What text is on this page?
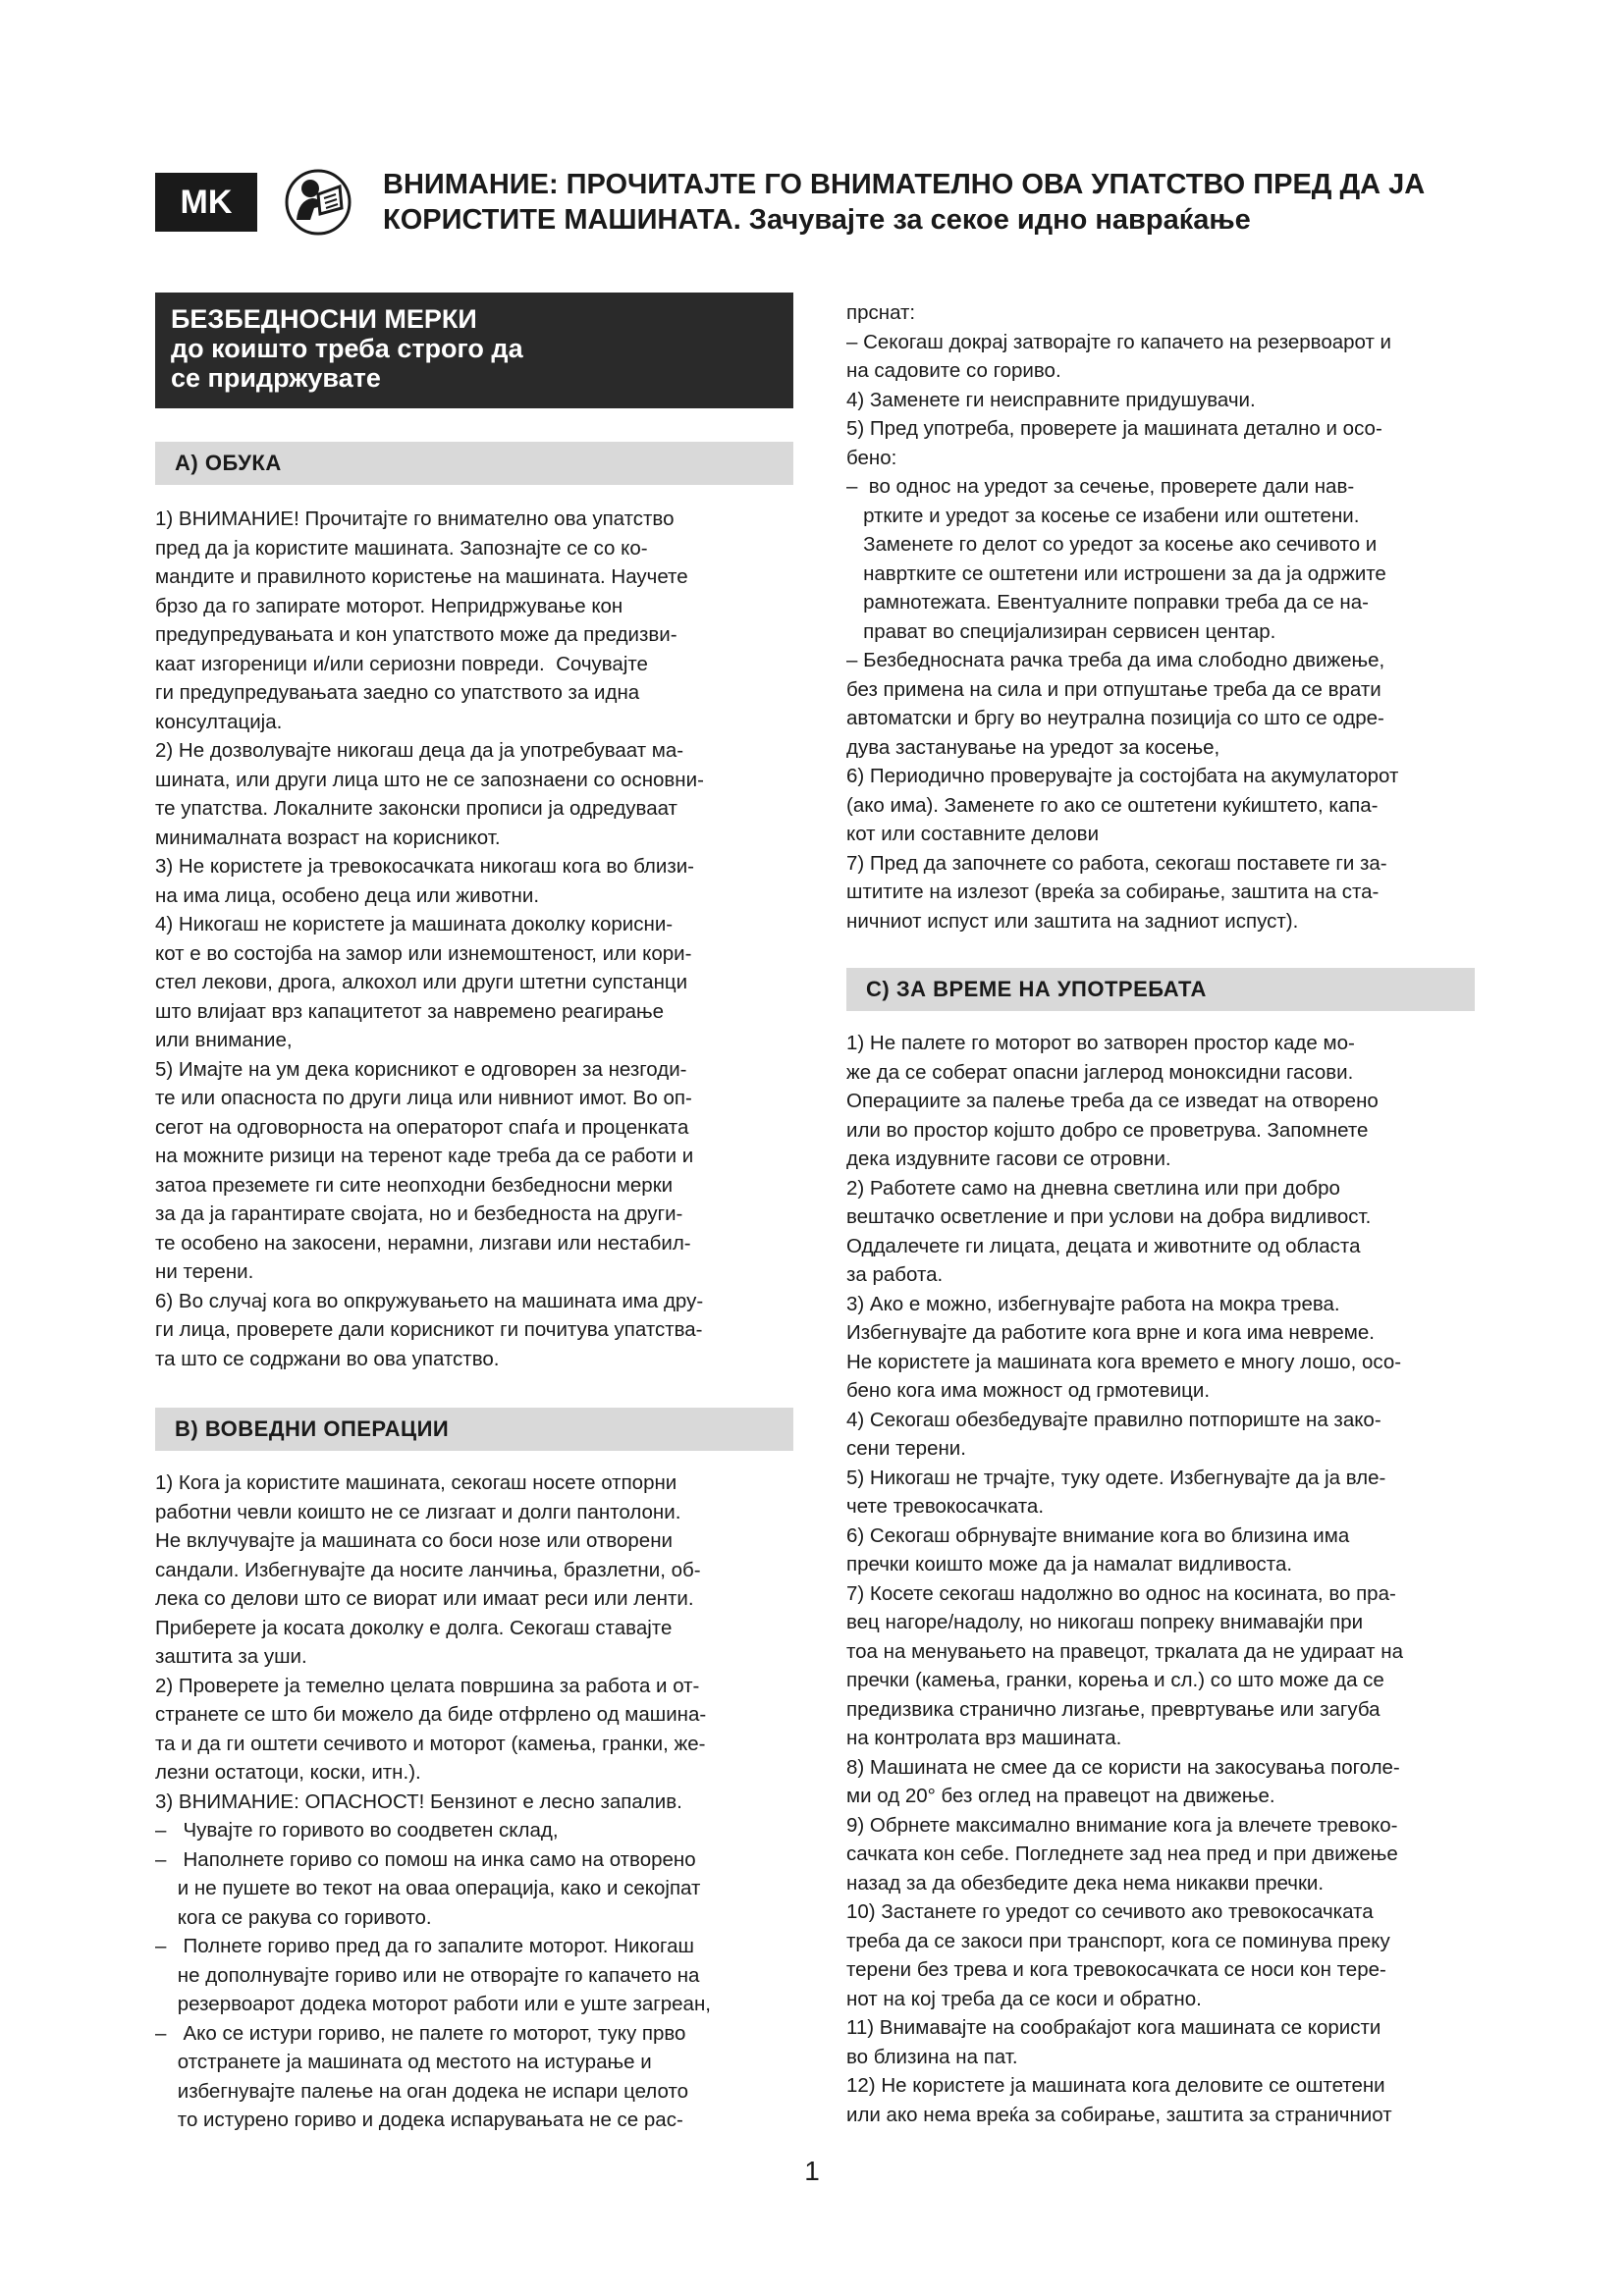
MK	ВНИМАНИЕ: ПРОЧИТАЈТЕ ГО ВНИМАТЕЛНО ОВА УПАТСТВО ПРЕД ДА ЈА
КОРИСТИТЕ МАШИНАТА. Зачувајте за секое идно навраќање
БЕЗБЕДНОСНИ МЕРКИ
до коишто треба строго да
се придржувате
А) ОБУКА
1) ВНИМАНИЕ! Прочитајте го внимателно ова упатство
пред да ја користите машината. Запознајте се со ко-
мандите и правилното користење на машината. Научете
брзо да го запирате моторот. Непридржување кон
предупредувањата и кон упатството може да предизви-
каат изгореници и/или сериозни повреди.  Сочувајте
ги предупредувањата заедно со упатството за идна
консултација.
2) Не дозволувајте никогаш деца да ја употребуваат ма-
шината, или други лица што не се запознаени со основни-
те упатства. Локалните законски прописи ја одредуваат
минималната возраст на корисникот.
3) Не користете ја тревокосачката никогаш кога во близи-
на има лица, особено деца или животни.
4) Никогаш не користете ја машината доколку корисни-
кот е во состојба на замор или изнемоштеност, или кори-
стел лекови, дрога, алкохол или други штетни супстанци
што влијаат врз капацитетот за навремено реагирање
или внимание,
5) Имајте на ум дека корисникот е одговорен за незгоди-
те или опасноста по други лица или нивниот имот. Во оп-
сегот на одговорноста на операторот спаѓа и проценката
на можните ризици на теренот каде треба да се работи и
затоа преземете ги сите неопходни безбедносни мерки
за да ја гарантирате својата, но и безбедноста на други-
те особено на закосени, нерамни, лизгави или нестабил-
ни терени.
6) Во случај кога во опкружувањето на машината има дру-
ги лица, проверете дали корисникот ги почитува упатства-
та што се содржани во ова упатство.
B) ВОВЕДНИ ОПЕРАЦИИ
1) Кога ја користите машината, секогаш носете отпорни
работни чевли коишто не се лизгаат и долги пантолони.
Не вклучувајте ја машината со боси нозе или отворени
сандали. Избегнувајте да носите ланчиња, бразлетни, об-
лека со делови што се виорат или имаат реси или ленти.
Приберете ја косата доколку е долга. Секогаш ставајте
заштита за уши.
2) Проверете ја темелно целата површина за работа и от-
странете се што би можело да биде отфрлено од машина-
та и да ги оштети сечивото и моторот (камења, гранки, же-
лезни остатоци, коски, итн.).
3) ВНИМАНИЕ: ОПАСНОСТ! Бензинот е лесно запалив.
–   Чувајте го горивото во соодветен склад,
–   Наполнете гориво со помош на инка само на отворено
и не пушете во текот на оваа операција, како и секојпат
кога се ракува со горивото.
–   Полнете гориво пред да го запалите моторот. Никогаш
не дополнувајте гориво или не отворајте го капачето на
резервоарот додека моторот работи или е уште загреан,
–   Ако се истури гориво, не палете го моторот, туку прво
отстранете ја машината од местото на истурање и
избегнувајте палење на оган додека не испари целото
то истурено гориво и додека испарувањата не се рас-
прснат:
– Секогаш докрај затворајте го капачето на резервоарот и
на садовите со гориво.
4) Заменете ги неисправните придушувачи.
5) Пред употреба, проверете ја машината детално и осо-
бено:
–  во однос на уредот за сечење, проверете дали нав-
ртките и уредот за косење се изабени или оштетени.
Заменете го делот со уредот за косење ако сечивото и
навртките се оштетени или истрошени за да ја одржите
рамнотежата. Евентуалните поправки треба да се на-
прават во специјализиран сервисен центар.
– Безбедносната рачка треба да има слободно движење,
без примена на сила и при отпуштање треба да се врати
автоматски и бргу во неутрална позиција со што се одре-
дува застанување на уредот за косење,
6) Периодично проверувајте ја состојбата на акумулаторот
(ако има). Заменете го ако се оштетени куќиштето, капа-
кот или составните делови
7) Пред да започнете со работа, секогаш поставете ги за-
штитите на излезот (вреќа за собирање, заштита на ста-
ничниот испуст или заштита на задниот испуст).
C) ЗА ВРЕМЕ НА УПОТРЕБАТА
1) Не палете го моторот во затворен простор каде мо-
же да се соберат опасни јаглерод моноксидни гасови.
Операциите за палење треба да се изведат на отворено
или во простор којшто добро се проветрува. Запомнете
дека издувните гасови се отровни.
2) Работете само на дневна светлина или при добро
вештачко осветление и при услови на добра видливост.
Оддалечете ги лицата, децата и животните од областа
за работа.
3) Ако е можно, избегнувајте работа на мокра трева.
Избегнувајте да работите кога врне и кога има невреме.
Не користете ја машината кога времето е многу лошо, осо-
бено кога има можност од грмотевици.
4) Секогаш обезбедувајте правилно потпориште на зако-
сени терени.
5) Никогаш не трчајте, туку одете. Избегнувајте да ја вле-
чете тревокосачката.
6) Секогаш обрнувајте внимание кога во близина има
пречки коишто може да ја намалат видливоста.
7) Косете секогаш надолжно во однос на косината, во пра-
вец нагоре/надолу, но никогаш попреку внимавајќи при
тоа на менувањето на правецот, тркалата да не удираат на
пречки (камења, гранки, корења и сл.) со што може да се
предизвика странично лизгање, превртување или загуба
на контролата врз машината.
8) Машината не смее да се користи на закосувања поголе-
ми од 20° без оглед на правецот на движење.
9) Обрнете максимално внимание кога ја влечете тревоко-
сачката кон себе. Погледнете зад неа пред и при движење
назад за да обезбедите дека нема никакви пречки.
10) Застанете го уредот со сечивото ако тревокосачката
треба да се закоси при транспорт, кога се поминува преку
терени без трева и кога тревокосачката се носи кон тере-
нот на кој треба да се коси и обратно.
11) Внимавајте на сообраќајот кога машината се користи
во близина на пат.
12) Не користете ја машината кога деловите се оштетени
или ако нема вреќа за собирање, заштита за страничниот
1
